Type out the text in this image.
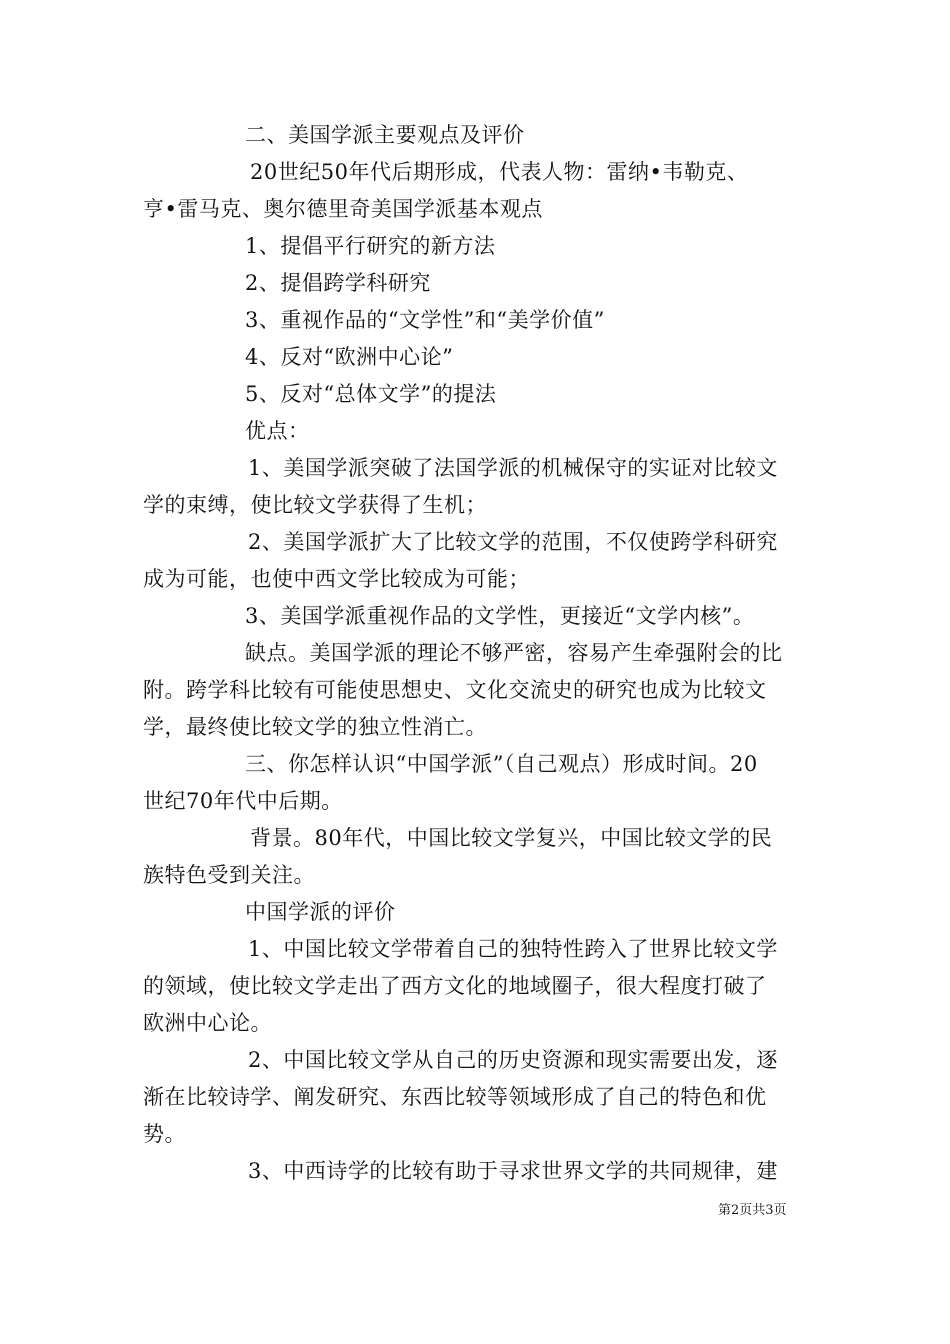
二、美国学派主要观点及评价
20世纪50年代后期形成，代表人物：雷纳•韦勒克、
亨•雷马克、奥尔德里奇美国学派基本观点
1、提倡平行研究的新方法
2、提倡跨学科研究
3、重视作品的“文学性”和“美学价值”
4、反对“欧洲中心论”
5、反对“总体文学”的提法
优点：
1、美国学派突破了法国学派的机械保守的实证对比较文
学的束缚，使比较文学获得了生机；
2、美国学派扩大了比较文学的范围，不仅使跨学科研究
成为可能，也使中西文学比较成为可能；
3、美国学派重视作品的文学性，更接近“文学内核”。
缺点。美国学派的理论不够严密，容易产生牵强附会的比
附。跨学科比较有可能使思想史、文化交流史的研究也成为比较文
学，最终使比较文学的独立性消亡。
三、你怎样认识“中国学派”（自己观点）形成时间。20
世纪70年代中后期。
背景。80年代，中国比较文学复兴，中国比较文学的民
族特色受到关注。
中国学派的评价
1、中国比较文学带着自己的独特性跨入了世界比较文学
的领域，使比较文学走出了西方文化的地域圈子，很大程度打破了
欧洲中心论。
2、中国比较文学从自己的历史资源和现实需要出发，逐
渐在比较诗学、阐发研究、东西比较等领域形成了自己的特色和优
势。
3、中西诗学的比较有助于寻求世界文学的共同规律，建
第2页共3页
